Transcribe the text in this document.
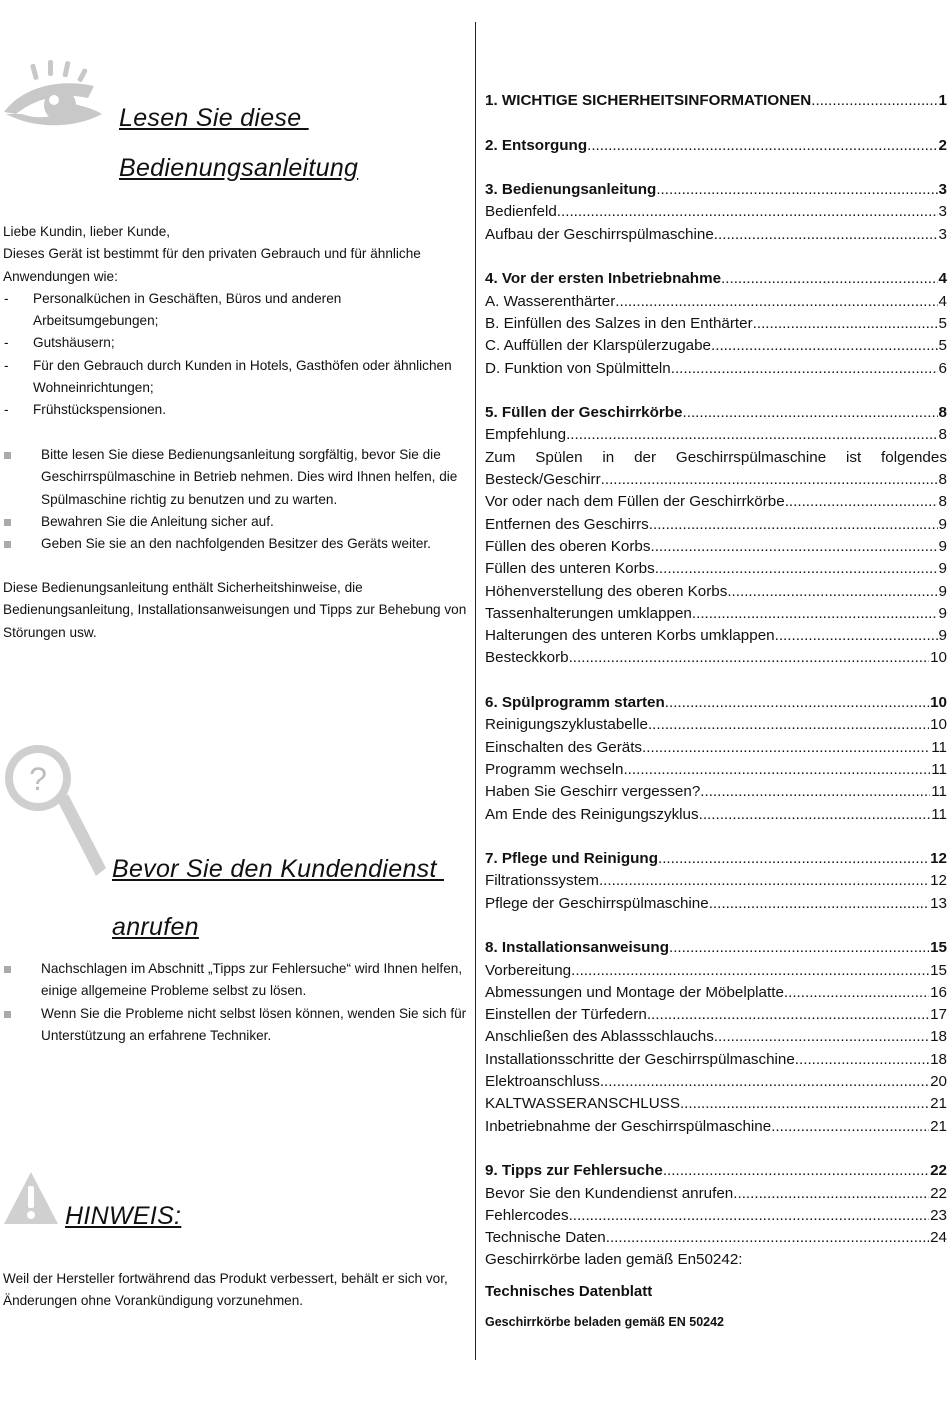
Lesen Sie diese
Bedienungsanleitung

Liebe Kundin, lieber Kunde,

Dieses Gerät ist bestimmt für den privaten Gebrauch und für ähnliche Anwendungen wie:

- Personalküchen in Geschäften, Büros und anderen Arbeitsumgebungen;

- Gutshäusern;

- Für den Gebrauch durch Kunden in Hotels, Gasthöfen oder ähnlichen Wohneinrichtungen;

- Frühstückspensionen.

Bitte lesen Sie diese Bedienungsanleitung sorgfältig, bevor Sie die Geschirrspülmaschine in Betrieb nehmen. Dies wird Ihnen helfen, die Spülmaschine richtig zu benutzen und zu warten.

Bewahren Sie die Anleitung sicher auf.

Geben Sie sie an den nachfolgenden Besitzer des Geräts weiter.

Diese Bedienungsanleitung enthält Sicherheitshinweise, die Bedienungsanleitung, Installationsanweisungen und Tipps zur Behebung von Störungen usw.
?
Bevor Sie den Kundendienst
anrufen

Nachschlagen im Abschnitt „Tipps zur Fehlersuche“ wird Ihnen helfen, einige allgemeine Probleme selbst zu lösen.

Wenn Sie die Probleme nicht selbst lösen können, wenden Sie sich für Unterstützung an erfahrene Techniker.

HINWEIS:
Weil der Hersteller fortwährend das Produkt verbessert, behält er sich vor, Änderungen ohne Vorankündigung vorzunehmen.
1. WICHTIGE SICHERHEITSINFORMATIONEN .....	1
2. Entsorgung .....	2
3. Bedienungsanleitung .....	3
Bedienfeld .....	3
Aufbau der Geschirrspülmaschine .....	3
4. Vor der ersten Inbetriebnahme .....	4
A. Wasserenthärter .....	4
B. Einfüllen des Salzes in den Enthärter .....	5
C. Auffüllen der Klarspülerzugabe .....	5
D. Funktion von Spülmitteln .....	6
5. Füllen der Geschirrkörbe .....	8
Empfehlung .....	8
Zum Spülen in der Geschirrspülmaschine ist folgendes
Besteck/Geschirr .....	8
Vor oder nach dem Füllen der Geschirrkörbe .....	8
Entfernen des Geschirrs .....	9
Füllen des oberen Korbs .....	9
Füllen des unteren Korbs .....	9
Höhenverstellung des oberen Korbs .....	9
Tassenhalterungen umklappen .....	9
Halterungen des unteren Korbs umklappen .....	9
Besteckkorb .....	10
6. Spülprogramm starten .....	10
Reinigungszyklustabelle .....	10
Einschalten des Geräts .....	11
Programm wechseln .....	11
Haben Sie Geschirr vergessen? .....	11
Am Ende des Reinigungszyklus .....	11
7. Pflege und Reinigung .....	12
Filtrationssystem .....	12
Pflege der Geschirrspülmaschine .....	13
8. Installationsanweisung .....	15
Vorbereitung .....	15
Abmessungen und Montage der Möbelplatte .....	16
Einstellen der Türfedern .....	17
Anschließen des Ablassschlauchs .....	18
Installationsschritte der Geschirrspülmaschine .....	18
Elektroanschluss .....	20
KALTWASSERANSCHLUSS .....	21
Inbetriebnahme der Geschirrspülmaschine .....	21
9. Tipps zur Fehlersuche .....	22
Bevor Sie den Kundendienst anrufen .....	22
Fehlercodes .....	23
Technische Daten .....	24
Geschirrkörbe laden gemäß En50242:
Technisches Datenblatt
Geschirrkörbe beladen gemäß EN 50242
